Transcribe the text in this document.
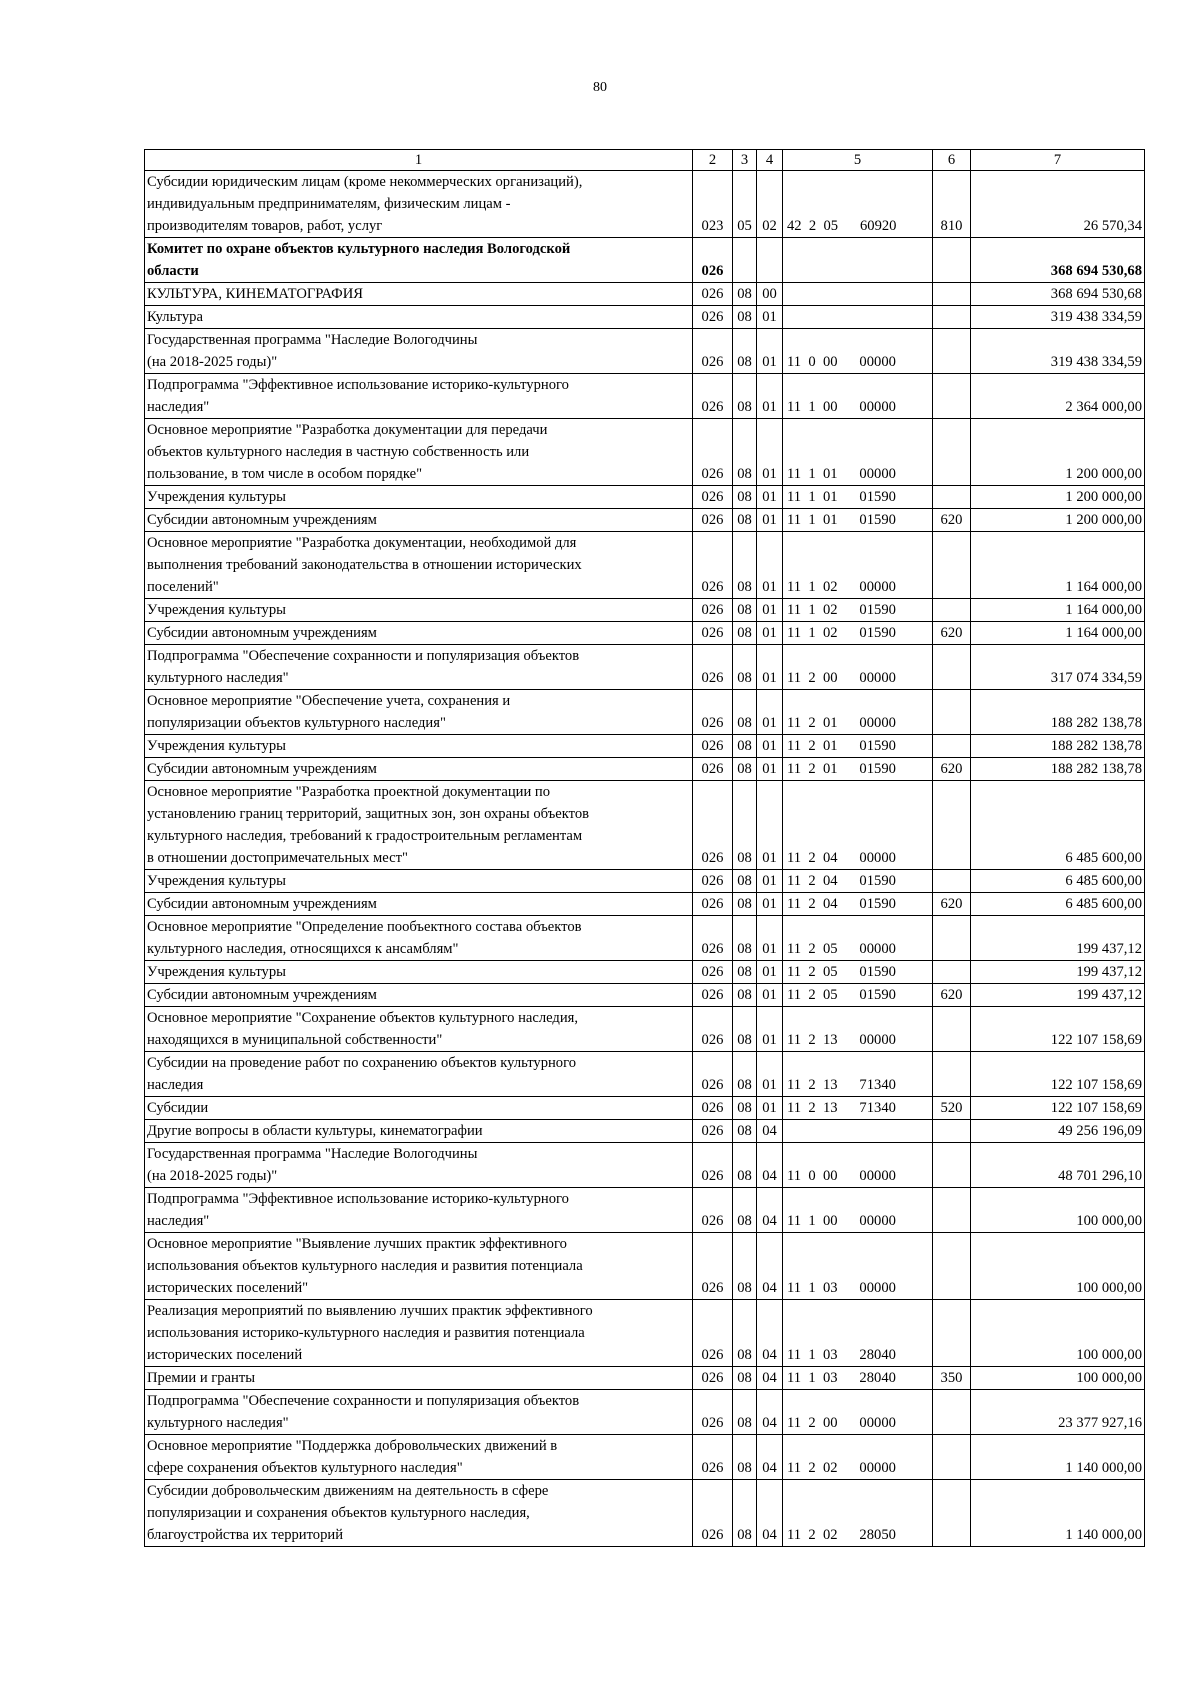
80
1	2	3	4	5	6	7
Субсидии юридическим лицам (кроме некоммерческих организаций),
индивидуальным предпринимателям, физическим лицам -
производителям товаров, работ, услуг	023	05	02	42  2  05      60920	810	26 570,34
Комитет по охране объектов культурного наследия Вологодской
области	026					368 694 530,68
КУЛЬТУРА, КИНЕМАТОГРАФИЯ	026	08	00			368 694 530,68
Культура	026	08	01			319 438 334,59
Государственная программа "Наследие Вологодчины
(на 2018-2025 годы)"	026	08	01	11  0  00      00000		319 438 334,59
Подпрограмма "Эффективное использование историко-культурного
наследия"	026	08	01	11  1  00      00000		2 364 000,00
Основное мероприятие "Разработка документации для передачи
объектов культурного наследия в частную собственность или
пользование, в том числе в особом порядке"	026	08	01	11  1  01      00000		1 200 000,00
Учреждения культуры	026	08	01	11  1  01      01590		1 200 000,00
Субсидии автономным учреждениям	026	08	01	11  1  01      01590	620	1 200 000,00
Основное мероприятие "Разработка документации, необходимой для
выполнения требований законодательства в отношении исторических
поселений"	026	08	01	11  1  02      00000		1 164 000,00
Учреждения культуры	026	08	01	11  1  02      01590		1 164 000,00
Субсидии автономным учреждениям	026	08	01	11  1  02      01590	620	1 164 000,00
Подпрограмма "Обеспечение сохранности и популяризация объектов
культурного наследия"	026	08	01	11  2  00      00000		317 074 334,59
Основное мероприятие "Обеспечение учета, сохранения и
популяризации объектов культурного наследия"	026	08	01	11  2  01      00000		188 282 138,78
Учреждения культуры	026	08	01	11  2  01      01590		188 282 138,78
Субсидии автономным учреждениям	026	08	01	11  2  01      01590	620	188 282 138,78
Основное мероприятие "Разработка проектной документации по
установлению границ территорий, защитных зон, зон охраны объектов
культурного наследия, требований к градостроительным регламентам
в отношении достопримечательных мест"	026	08	01	11  2  04      00000		6 485 600,00
Учреждения культуры	026	08	01	11  2  04      01590		6 485 600,00
Субсидии автономным учреждениям	026	08	01	11  2  04      01590	620	6 485 600,00
Основное мероприятие "Определение пообъектного состава объектов
культурного наследия, относящихся к ансамблям"	026	08	01	11  2  05      00000		199 437,12
Учреждения культуры	026	08	01	11  2  05      01590		199 437,12
Субсидии автономным учреждениям	026	08	01	11  2  05      01590	620	199 437,12
Основное мероприятие "Сохранение объектов культурного наследия,
находящихся в муниципальной собственности"	026	08	01	11  2  13      00000		122 107 158,69
Субсидии на проведение работ по сохранению объектов культурного
наследия	026	08	01	11  2  13      71340		122 107 158,69
Субсидии	026	08	01	11  2  13      71340	520	122 107 158,69
Другие вопросы в области культуры, кинематографии	026	08	04			49 256 196,09
Государственная программа "Наследие Вологодчины
(на 2018-2025 годы)"	026	08	04	11  0  00      00000		48 701 296,10
Подпрограмма "Эффективное использование историко-культурного
наследия"	026	08	04	11  1  00      00000		100 000,00
Основное мероприятие "Выявление лучших практик эффективного
использования объектов культурного наследия и развития потенциала
исторических поселений"	026	08	04	11  1  03      00000		100 000,00
Реализация мероприятий по выявлению лучших практик эффективного
использования историко-культурного наследия и развития потенциала
исторических поселений	026	08	04	11  1  03      28040		100 000,00
Премии и гранты	026	08	04	11  1  03      28040	350	100 000,00
Подпрограмма "Обеспечение сохранности и популяризация объектов
культурного наследия"	026	08	04	11  2  00      00000		23 377 927,16
Основное мероприятие "Поддержка добровольческих движений в
сфере сохранения объектов культурного наследия"	026	08	04	11  2  02      00000		1 140 000,00
Субсидии добровольческим движениям на деятельность в сфере
популяризации и сохранения объектов культурного наследия,
благоустройства их территорий	026	08	04	11  2  02      28050		1 140 000,00
